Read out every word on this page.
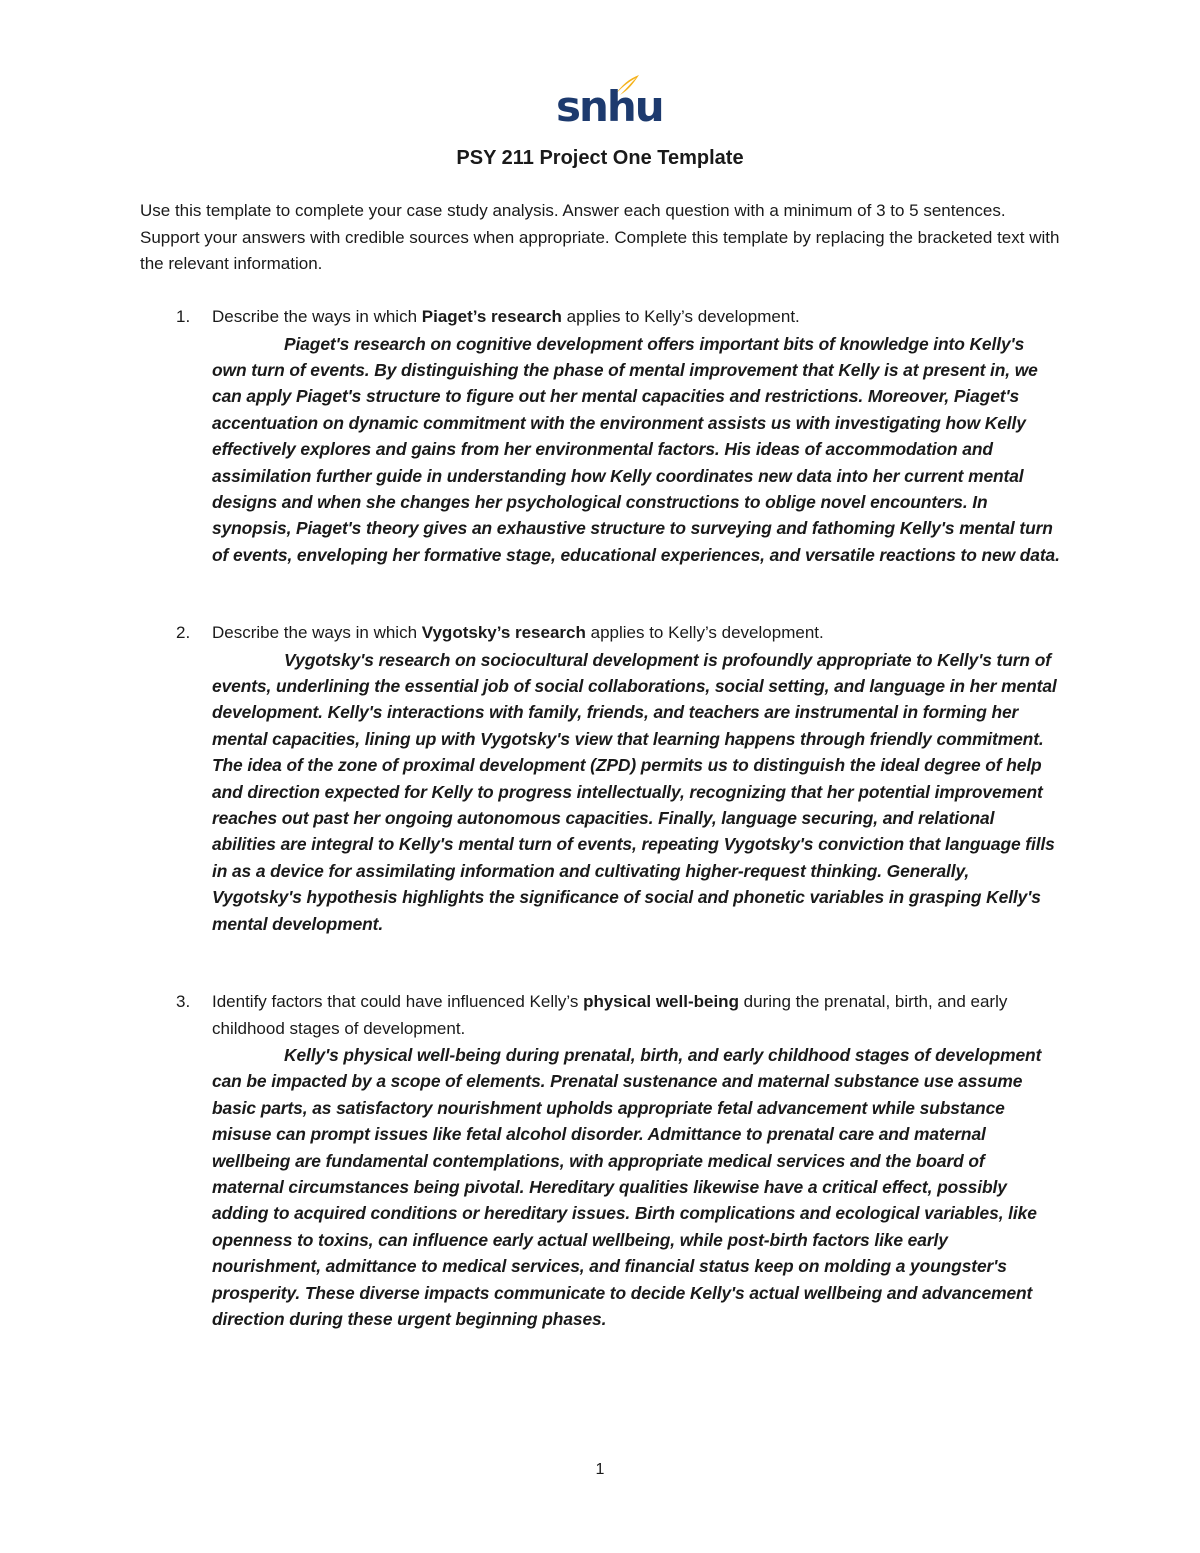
snhu
PSY 211 Project One Template
Use this template to complete your case study analysis. Answer each question with a minimum of 3 to 5 sentences. Support your answers with credible sources when appropriate. Complete this template by replacing the bracketed text with the relevant information.
1. Describe the ways in which Piaget’s research applies to Kelly’s development.
Piaget's research on cognitive development offers important bits of knowledge into Kelly's own turn of events. By distinguishing the phase of mental improvement that Kelly is at present in, we can apply Piaget's structure to figure out her mental capacities and restrictions. Moreover, Piaget's accentuation on dynamic commitment with the environment assists us with investigating how Kelly effectively explores and gains from her environmental factors. His ideas of accommodation and assimilation further guide in understanding how Kelly coordinates new data into her current mental designs and when she changes her psychological constructions to oblige novel encounters. In synopsis, Piaget's theory gives an exhaustive structure to surveying and fathoming Kelly's mental turn of events, enveloping her formative stage, educational experiences, and versatile reactions to new data.
2. Describe the ways in which Vygotsky’s research applies to Kelly’s development.
Vygotsky's research on sociocultural development is profoundly appropriate to Kelly's turn of events, underlining the essential job of social collaborations, social setting, and language in her mental development. Kelly's interactions with family, friends, and teachers are instrumental in forming her mental capacities, lining up with Vygotsky's view that learning happens through friendly commitment. The idea of the zone of proximal development (ZPD) permits us to distinguish the ideal degree of help and direction expected for Kelly to progress intellectually, recognizing that her potential improvement reaches out past her ongoing autonomous capacities. Finally, language securing, and relational abilities are integral to Kelly's mental turn of events, repeating Vygotsky's conviction that language fills in as a device for assimilating information and cultivating higher-request thinking. Generally, Vygotsky's hypothesis highlights the significance of social and phonetic variables in grasping Kelly's mental development.
3. Identify factors that could have influenced Kelly’s physical well-being during the prenatal, birth, and early childhood stages of development.
Kelly's physical well-being during prenatal, birth, and early childhood stages of development can be impacted by a scope of elements. Prenatal sustenance and maternal substance use assume basic parts, as satisfactory nourishment upholds appropriate fetal advancement while substance misuse can prompt issues like fetal alcohol disorder. Admittance to prenatal care and maternal wellbeing are fundamental contemplations, with appropriate medical services and the board of maternal circumstances being pivotal. Hereditary qualities likewise have a critical effect, possibly adding to acquired conditions or hereditary issues. Birth complications and ecological variables, like openness to toxins, can influence early actual wellbeing, while post-birth factors like early nourishment, admittance to medical services, and financial status keep on molding a youngster's prosperity. These diverse impacts communicate to decide Kelly's actual wellbeing and advancement direction during these urgent beginning phases.
1
